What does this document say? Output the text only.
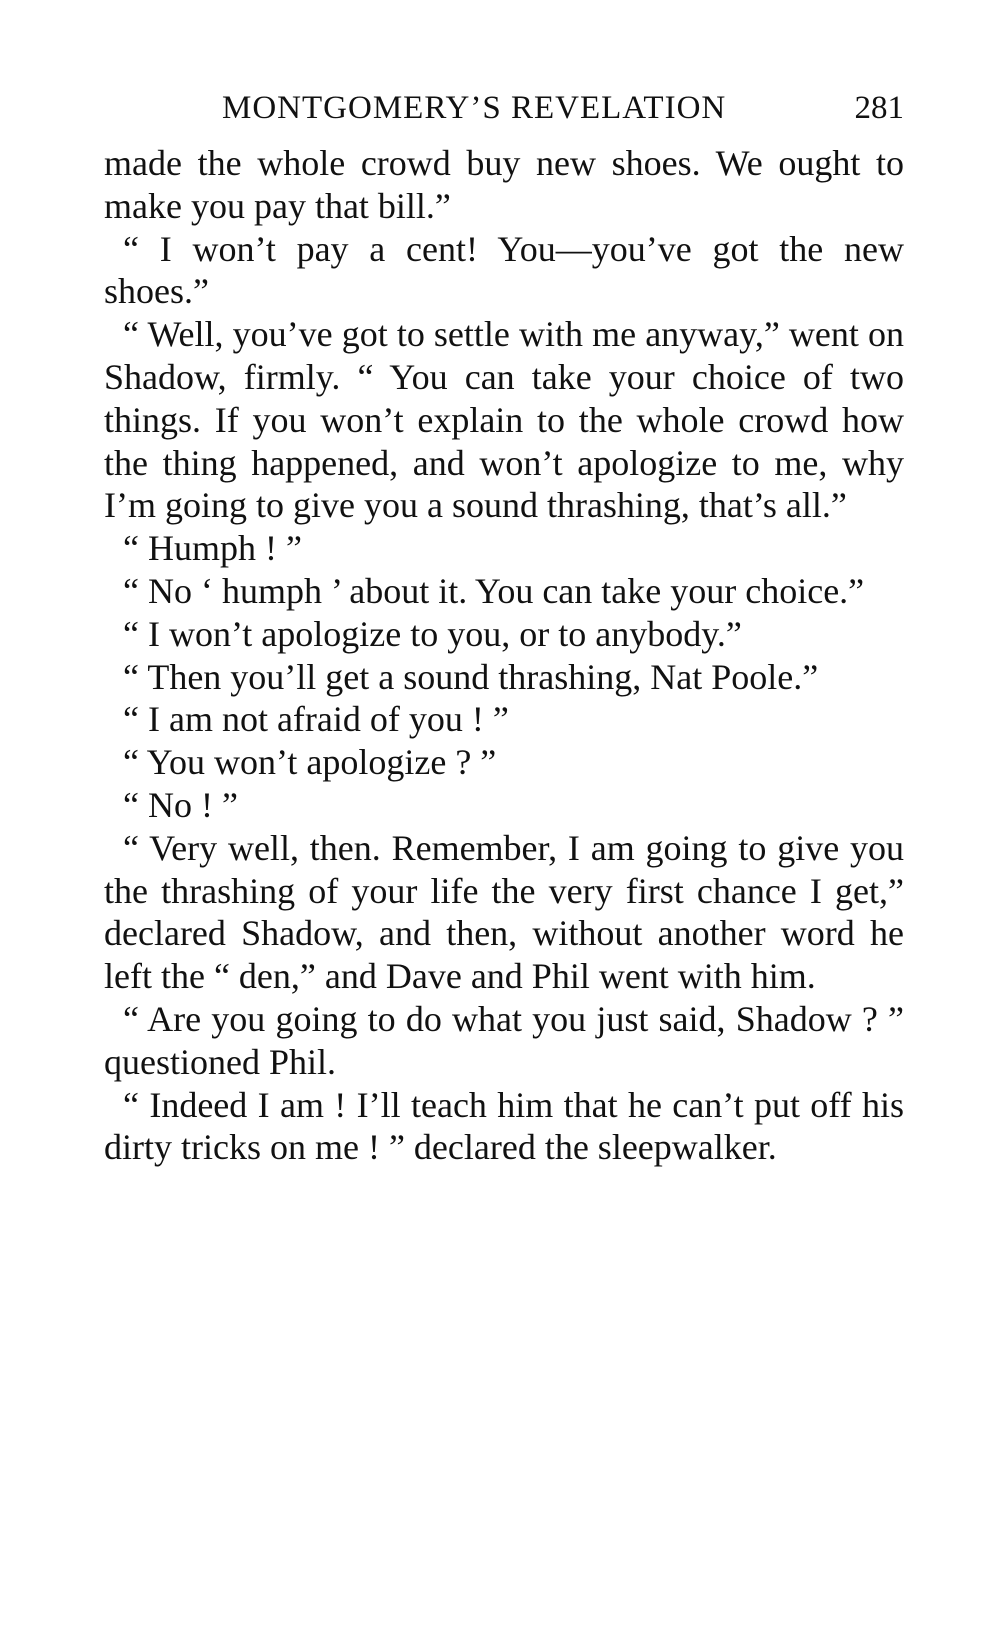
MONTGOMERY’S REVELATION	281

made the whole crowd buy new shoes. We ought to make you pay that bill.”

“ I won’t pay a cent! You—you’ve got the new shoes.”

“ Well, you’ve got to settle with me anyway,” went on Shadow, firmly. “ You can take your choice of two things. If you won’t explain to the whole crowd how the thing happened, and won’t apologize to me, why I’m going to give you a sound thrashing, that’s all.”

“ Humph ! ”

“ No ‘ humph ’ about it. You can take your choice.”

“ I won’t apologize to you, or to anybody.”

“ Then you’ll get a sound thrashing, Nat Poole.”

“ I am not afraid of you ! ”

“ You won’t apologize ? ”

“ No ! ”

“ Very well, then. Remember, I am going to give you the thrashing of your life the very first chance I get,” declared Shadow, and then, without another word he left the “ den,” and Dave and Phil went with him.

“ Are you going to do what you just said, Shadow ? ” questioned Phil.

“ Indeed I am ! I’ll teach him that he can’t put off his dirty tricks on me ! ” declared the sleepwalker.
